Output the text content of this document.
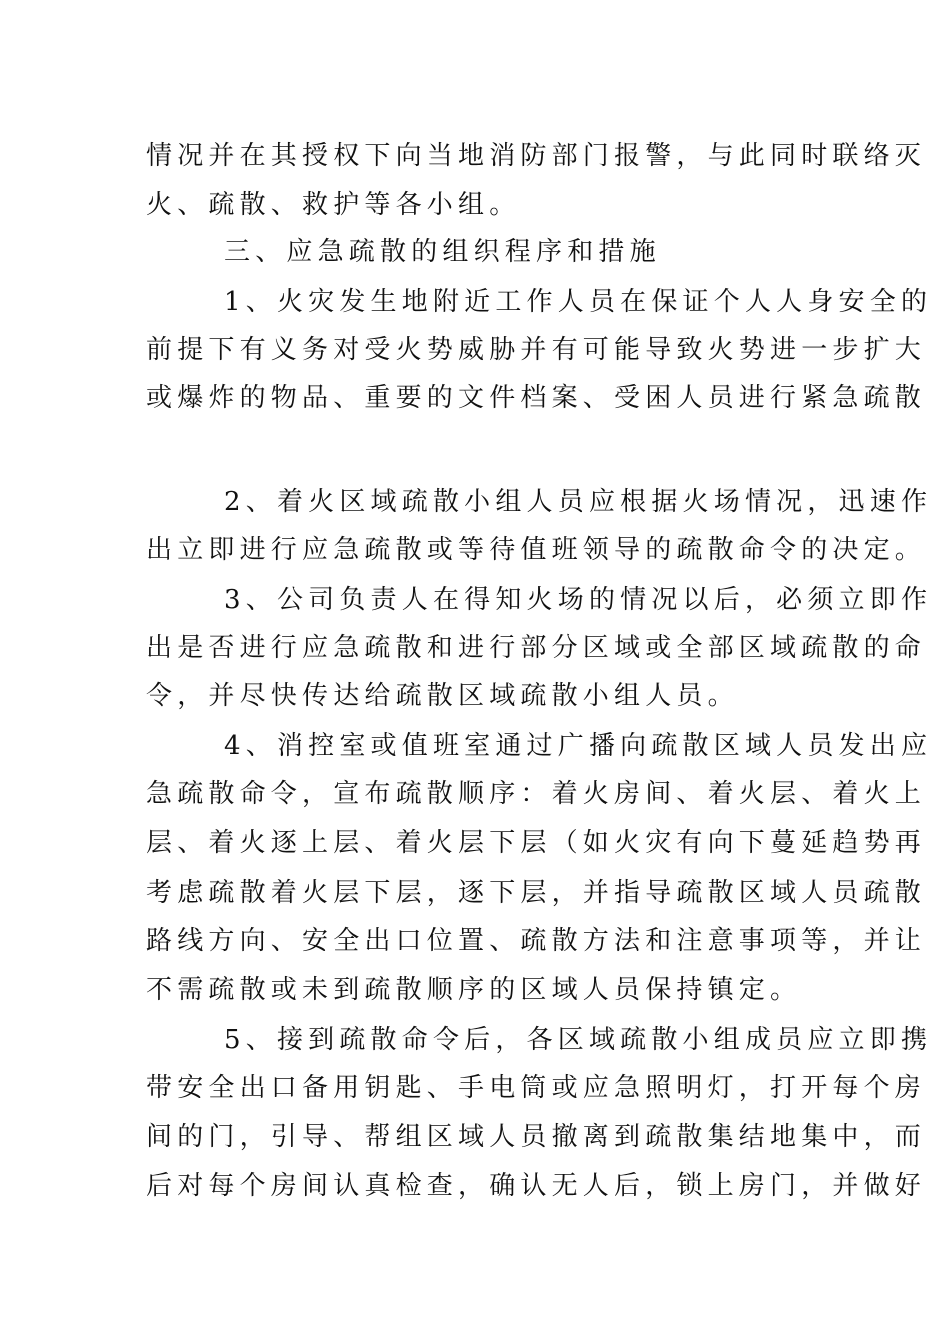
情况并在其授权下向当地消防部门报警，与此同时联络灭
火、疏散、救护等各小组。
三、应急疏散的组织程序和措施
1、火灾发生地附近工作人员在保证个人人身安全的
前提下有义务对受火势威胁并有可能导致火势进一步扩大
或爆炸的物品、重要的文件档案、受困人员进行紧急疏散
2、着火区域疏散小组人员应根据火场情况，迅速作
出立即进行应急疏散或等待值班领导的疏散命令的决定。
3、公司负责人在得知火场的情况以后，必须立即作
出是否进行应急疏散和进行部分区域或全部区域疏散的命
令，并尽快传达给疏散区域疏散小组人员。
4、消控室或值班室通过广播向疏散区域人员发出应
急疏散命令，宣布疏散顺序：着火房间、着火层、着火上
层、着火逐上层、着火层下层（如火灾有向下蔓延趋势再
考虑疏散着火层下层，逐下层，并指导疏散区域人员疏散
路线方向、安全出口位置、疏散方法和注意事项等，并让
不需疏散或未到疏散顺序的区域人员保持镇定。
5、接到疏散命令后，各区域疏散小组成员应立即携
带安全出口备用钥匙、手电筒或应急照明灯，打开每个房
间的门，引导、帮组区域人员撤离到疏散集结地集中，而
后对每个房间认真检查，确认无人后，锁上房门，并做好
